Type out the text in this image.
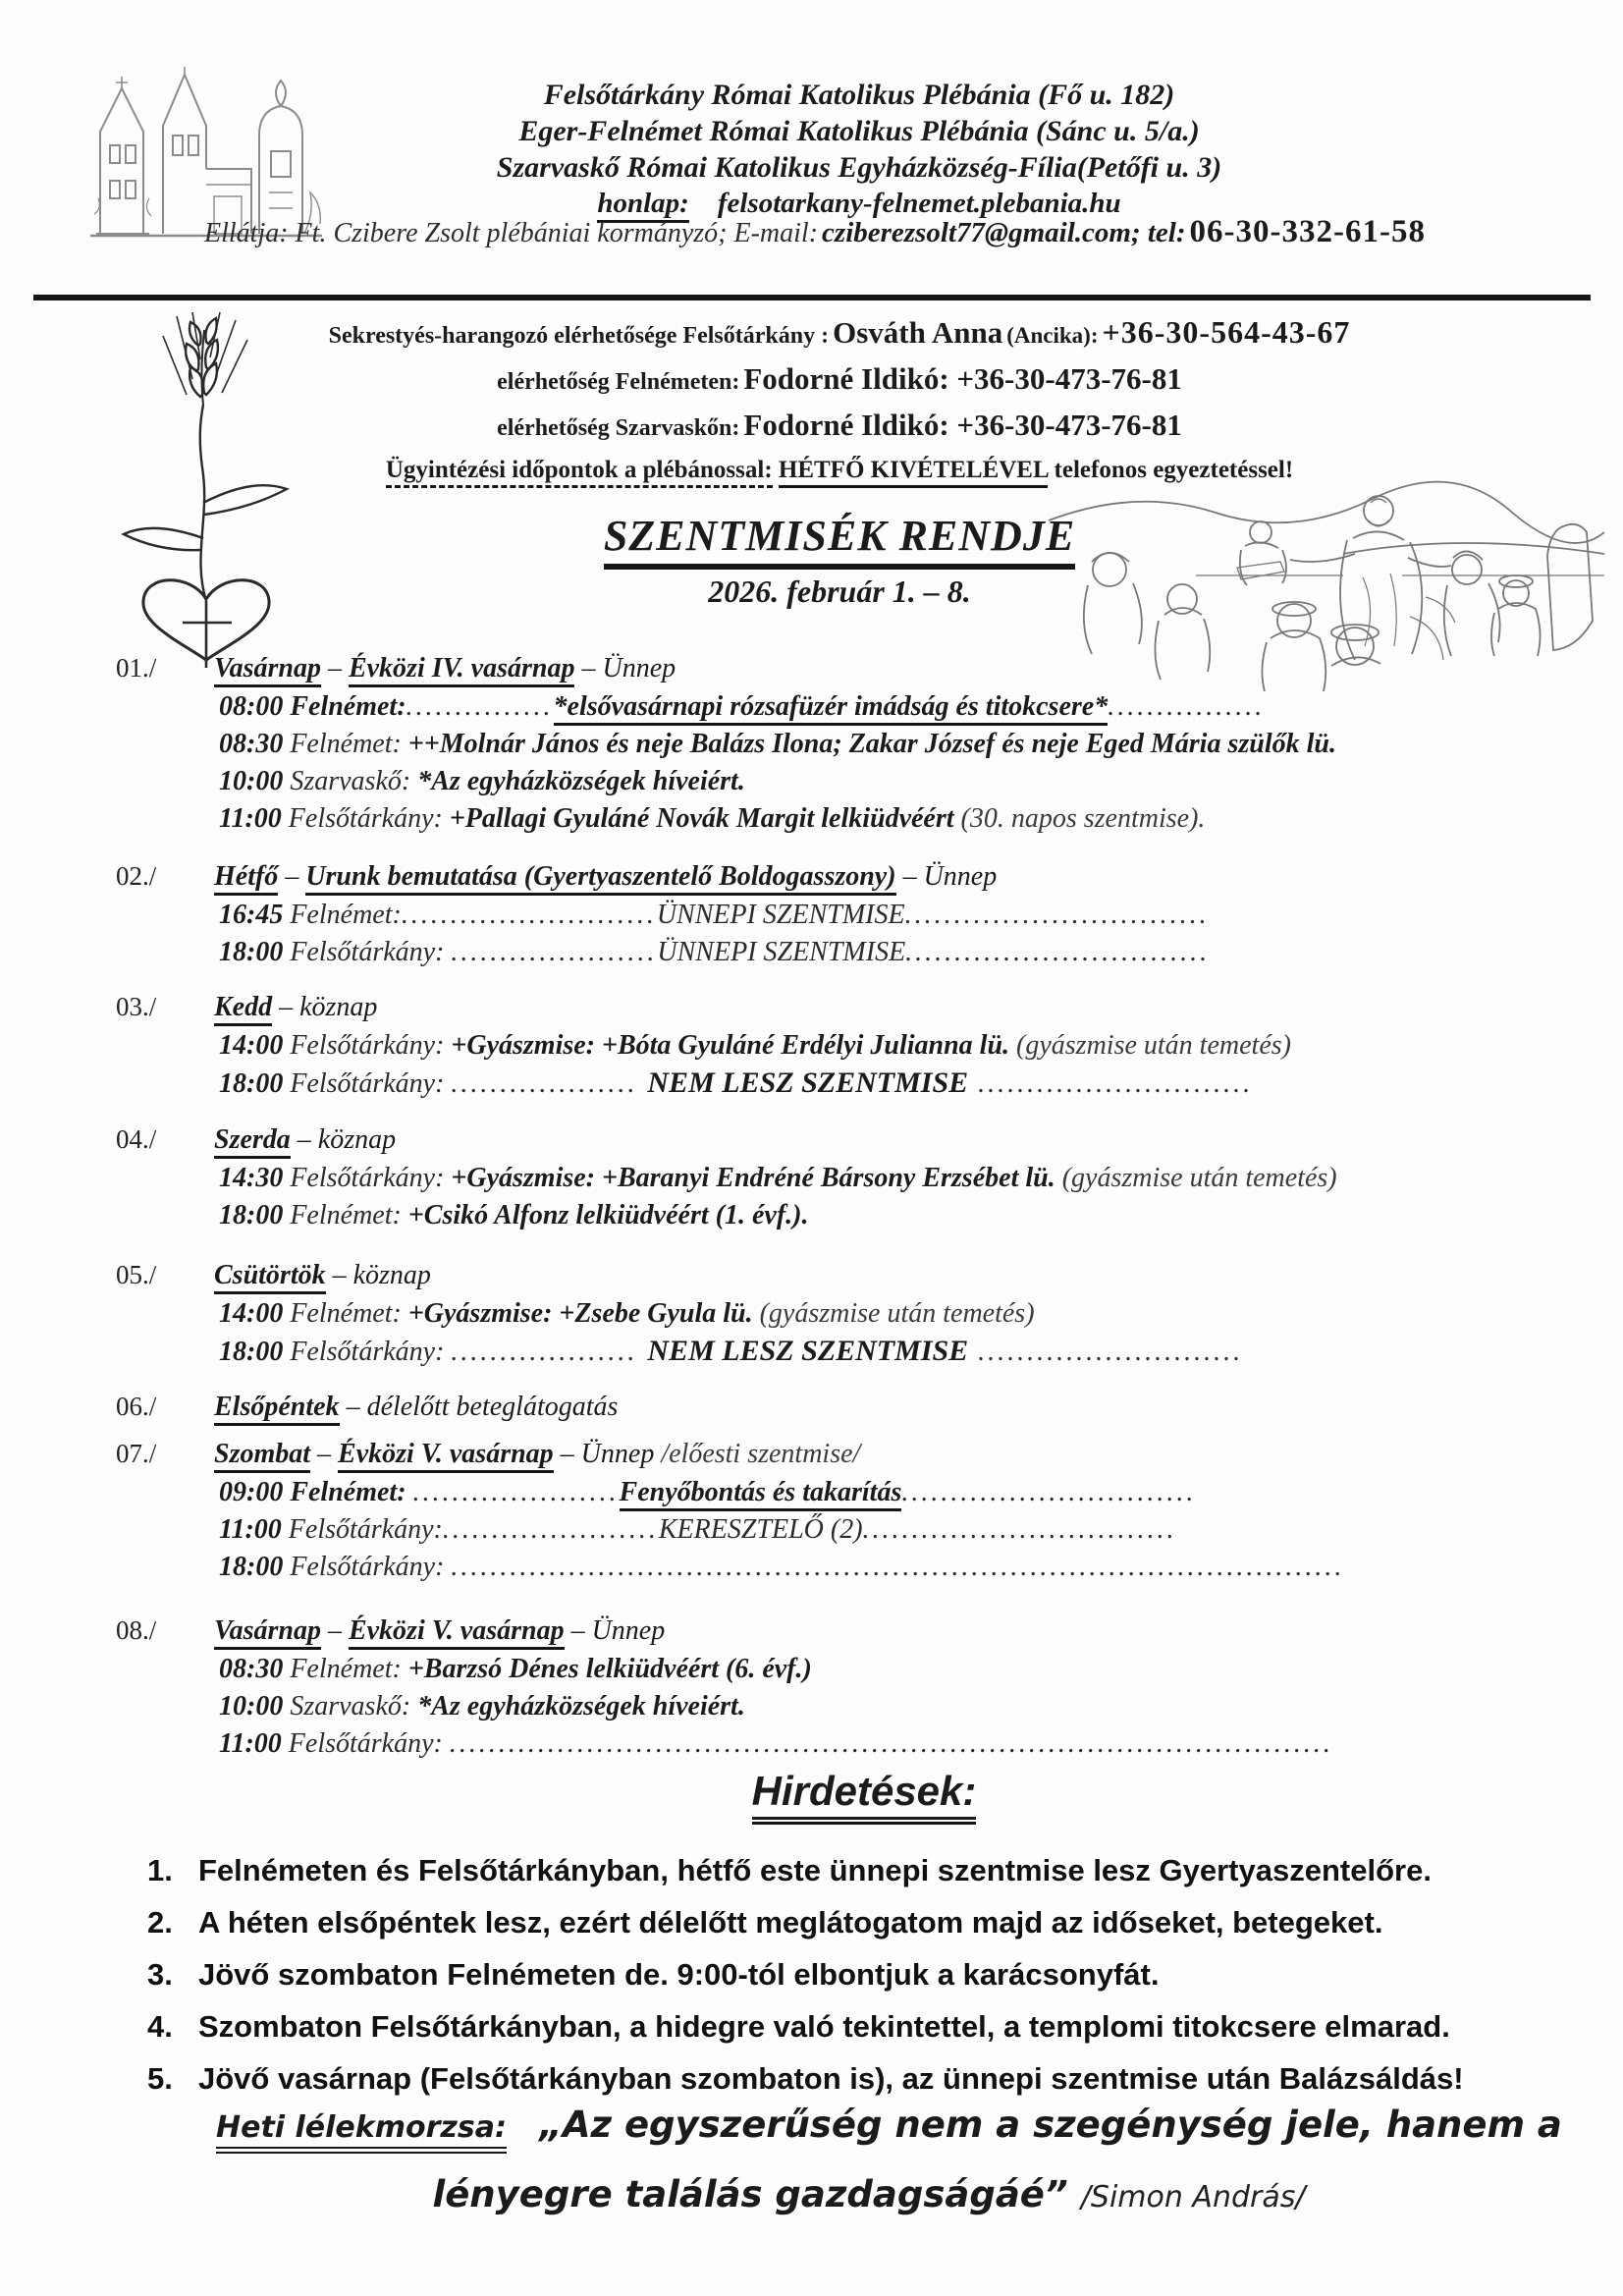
Felsőtárkány Római Katolikus Plébánia (Fő u. 182)
Eger-Felnémet Római Katolikus Plébánia (Sánc u. 5/a.)
Szarvaskő Római Katolikus Egyházközség-Fília(Petőfi u. 3)
honlap: felsotarkany-felnemet.plebania.hu
Ellátja: Ft. Czibere Zsolt plébániai kormányzó; E-mail: cziberezsolt77@gmail.com; tel: 06-30-332-61-58
Sekrestyés-harangozó elérhetősége Felsőtárkány : Osváth Anna (Ancika): +36-30-564-43-67
elérhetőség Felnémeten: Fodorné Ildikó: +36-30-473-76-81
elérhetőség Szarvaskőn: Fodorné Ildikó: +36-30-473-76-81
Ügyintézési időpontok a plébánossal: HÉTFŐ KIVÉTELÉVEL telefonos egyeztetéssel!
SZENTMISÉK RENDJE
2026. február 1. – 8.
01./ Vasárnap – Évközi IV. vasárnap – Ünnep
08:00 Felnémet:...............*elsővasárnapi rózsafüzér imádság és titokcsere*................
08:30 Felnémet: ++Molnár János és neje Balázs Ilona; Zakar József és neje Eged Mária szülők lü.
10:00 Szarvaskő: *Az egyházközségek híveiért.
11:00 Felsőtárkány: +Pallagi Gyuláné Novák Margit lelkiüdvéért (30. napos szentmise).
02./ Hétfő – Urunk bemutatása (Gyertyaszentelő Boldogasszony) – Ünnep
16:45 Felnémet:..........................ÜNNEPI SZENTMISE...............................
18:00 Felsőtárkány: .....................ÜNNEPI SZENTMISE...............................
03./ Kedd – köznap
14:00 Felsőtárkány: +Gyászmise: +Bóta Gyuláné Erdélyi Julianna lü. (gyászmise után temetés)
18:00 Felsőtárkány: ................... NEM LESZ SZENTMISE ............................
04./ Szerda – köznap
14:30 Felsőtárkány: +Gyászmise: +Baranyi Endréné Bársony Erzsébet lü. (gyászmise után temetés)
18:00 Felnémet: +Csikó Alfonz lelkiüdvéért (1. évf.).
05./ Csütörtök – köznap
14:00 Felnémet: +Gyászmise: +Zsebe Gyula lü. (gyászmise után temetés)
18:00 Felsőtárkány: ................... NEM LESZ SZENTMISE ...........................
06./ Elsőpéntek – délelőtt beteglátogatás
07./ Szombat – Évközi V. vasárnap – Ünnep /előesti szentmise/
09:00 Felnémet: .....................Fenyőbontás és takarítás..............................
11:00 Felsőtárkány:......................KERESZTELŐ (2)................................
18:00 Felsőtárkány: ...........................................................................................
08./ Vasárnap – Évközi V. vasárnap – Ünnep
08:30 Felnémet: +Barzsó Dénes lelkiüdvéért (6. évf.)
10:00 Szarvaskő: *Az egyházközségek híveiért.
11:00 Felsőtárkány: ..........................................................................................
Hirdetések:
1. Felnémeten és Felsőtárkányban, hétfő este ünnepi szentmise lesz Gyertyaszentelőre.
2. A héten elsőpéntek lesz, ezért délelőtt meglátogatom majd az időseket, betegeket.
3. Jövő szombaton Felnémeten de. 9:00-tól elbontjuk a karácsonyfát.
4. Szombaton Felsőtárkányban, a hidegre való tekintettel, a templomi titokcsere elmarad.
5. Jövő vasárnap (Felsőtárkányban szombaton is), az ünnepi szentmise után Balázsáldás!
Heti lélekmorzsa: „Az egyszerűség nem a szegénység jele, hanem a
lényegre találás gazdagságáé” /Simon András/
